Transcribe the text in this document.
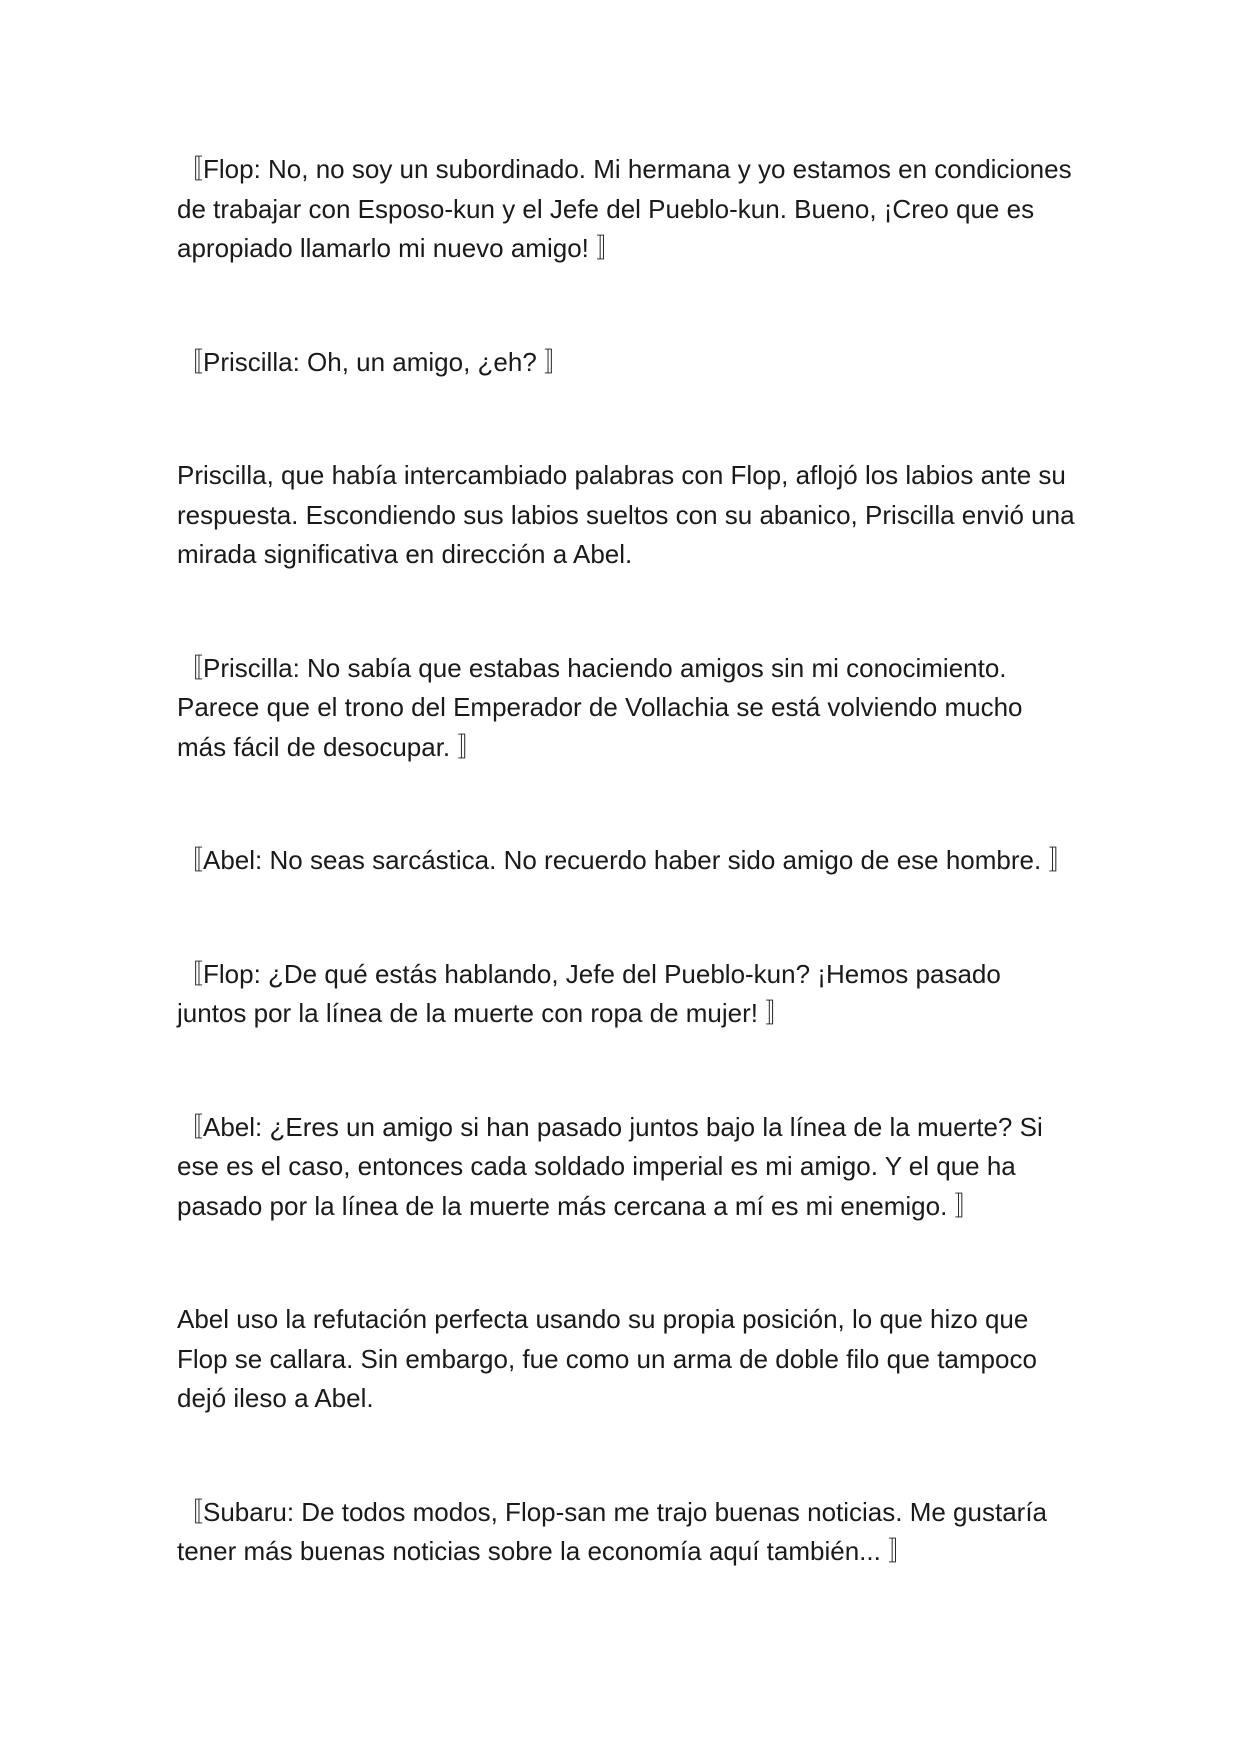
〚Flop: No, no soy un subordinado. Mi hermana y yo estamos en condiciones de trabajar con Esposo-kun y el Jefe del Pueblo-kun. Bueno, ¡Creo que es apropiado llamarlo mi nuevo amigo! 〛

〚Priscilla: Oh, un amigo, ¿eh? 〛

Priscilla, que había intercambiado palabras con Flop, aflojó los labios ante su respuesta. Escondiendo sus labios sueltos con su abanico, Priscilla envió una mirada significativa en dirección a Abel.

〚Priscilla: No sabía que estabas haciendo amigos sin mi conocimiento. Parece que el trono del Emperador de Vollachia se está volviendo mucho más fácil de desocupar. 〛

〚Abel: No seas sarcástica. No recuerdo haber sido amigo de ese hombre. 〛

〚Flop: ¿De qué estás hablando, Jefe del Pueblo-kun? ¡Hemos pasado juntos por la línea de la muerte con ropa de mujer! 〛

〚Abel: ¿Eres un amigo si han pasado juntos bajo la línea de la muerte? Si ese es el caso, entonces cada soldado imperial es mi amigo. Y el que ha pasado por la línea de la muerte más cercana a mí es mi enemigo. 〛

Abel uso la refutación perfecta usando su propia posición, lo que hizo que Flop se callara. Sin embargo, fue como un arma de doble filo que tampoco dejó ileso a Abel.

〚Subaru: De todos modos, Flop-san me trajo buenas noticias. Me gustaría tener más buenas noticias sobre la economía aquí también... 〛
